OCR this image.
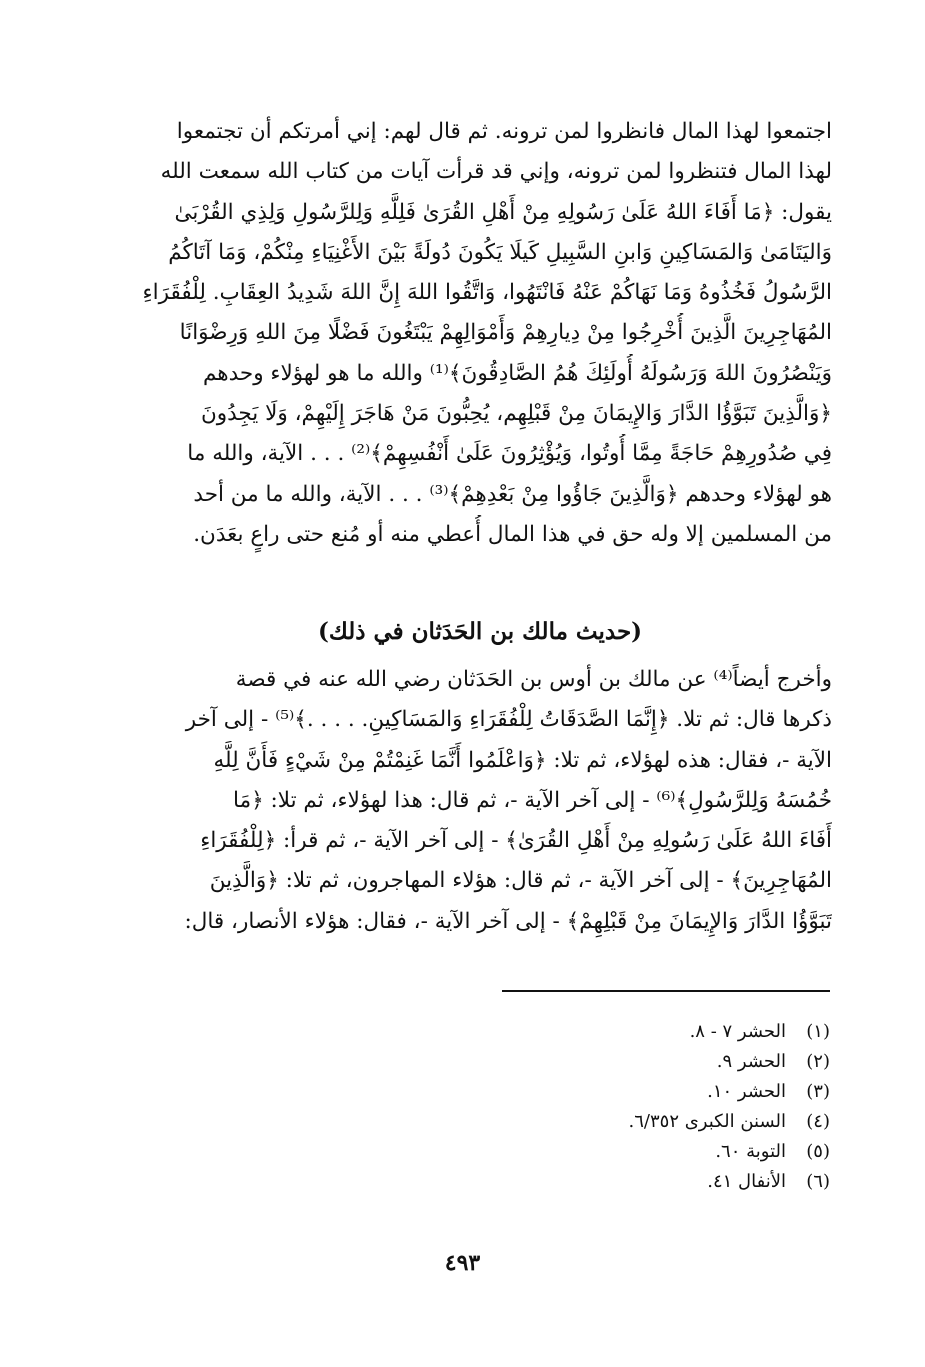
اجتمعوا لهذا المال فانظروا لمن ترونه. ثم قال لهم: إني أمرتكم أن تجتمعوا
لهذا المال فتنظروا لمن ترونه، وإني قد قرأت آيات من كتاب الله سمعت الله
يقول: ﴿مَا أَفَاءَ اللهُ عَلَىٰ رَسُولِهِ مِنْ أَهْلِ القُرَىٰ فَلِلَّهِ وَلِلرَّسُولِ وَلِذِي القُرْبَىٰ
وَاليَتَامَىٰ وَالمَسَاكِينِ وَابنِ السَّبِيلِ كَيلَا يَكُونَ دُولَةً بَيْنَ الأَغْنِيَاءِ مِنْكُمْ، وَمَا آتَاكُمُ
الرَّسُولُ فَخُذُوهُ وَمَا نَهَاكُمْ عَنْهُ فَانْتَهُوا، وَاتَّقُوا اللهَ إِنَّ اللهَ شَدِيدُ العِقَابِ. لِلْفُقَرَاءِ
المُهَاجِرِينَ الَّذِينَ أُخْرِجُوا مِنْ دِيارِهِمْ وَأَمْوَالِهِمْ يَبْتَغُونَ فَضْلًا مِنَ اللهِ وَرِضْوَانًا
وَيَنْصُرُونَ اللهَ وَرَسُولَهُ أُولَئِكَ هُمُ الصَّادِقُونَ﴾⁽¹⁾ والله ما هو لهؤلاء وحدهم
﴿وَالَّذِينَ تَبَوَّؤُا الدَّارَ وَالإِيمَانَ مِنْ قَبْلِهِم، يُحِبُّونَ مَنْ هَاجَرَ إِلَيْهِمْ، وَلَا يَجِدُونَ
فِي صُدُورِهِمْ حَاجَةً مِمَّا أُوتُوا، وَيُؤْثِرُونَ عَلَىٰ أَنْفُسِهِمْ﴾⁽²⁾ . . . الآية، والله ما
هو لهؤلاء وحدهم ﴿وَالَّذِينَ جَاؤُوا مِنْ بَعْدِهِمْ﴾⁽³⁾ . . . الآية، والله ما من أحد
من المسلمين إلا وله حق في هذا المال أُعطي منه أو مُنع حتى راعٍ بعَدَن.
(حديث مالك بن الحَدَثان في ذلك)
وأخرج أيضاً⁽⁴⁾ عن مالك بن أوس بن الحَدَثان رضي الله عنه في قصة
ذكرها قال: ثم تلا. ﴿إِنَّمَا الصَّدَقَاتُ لِلْفُقَرَاءِ وَالمَسَاكِينِ. . . . .﴾⁽⁵⁾ - إلى آخر
الآية -، فقال: هذه لهؤلاء، ثم تلا: ﴿وَاعْلَمُوا أَنَّمَا غَنِمْتُمْ مِنْ شَيْءٍ فَأَنَّ لِلَّهِ
خُمُسَهُ وَلِلرَّسُولِ﴾⁽⁶⁾ - إلى آخر الآية -، ثم قال: هذا لهؤلاء، ثم تلا: ﴿مَا
أَفَاءَ اللهُ عَلَىٰ رَسُولِهِ مِنْ أَهْلِ القُرَىٰ﴾ - إلى آخر الآية -، ثم قرأ: ﴿لِلْفُقَرَاءِ
المُهَاجِرِينَ﴾ - إلى آخر الآية -، ثم قال: هؤلاء المهاجرون، ثم تلا: ﴿وَالَّذِينَ
تَبَوَّؤُا الدَّارَ وَالإِيمَانَ مِنْ قَبْلِهِمْ﴾ - إلى آخر الآية -، فقال: هؤلاء الأنصار، قال:
(١)
الحشر ٧ - ٨.
(٢)
الحشر ٩.
(٣)
الحشر ١٠.
(٤)
السنن الكبرى ٦/٣٥٢.
(٥)
التوبة ٦٠.
(٦)
الأنفال ٤١.
٤٩٣
